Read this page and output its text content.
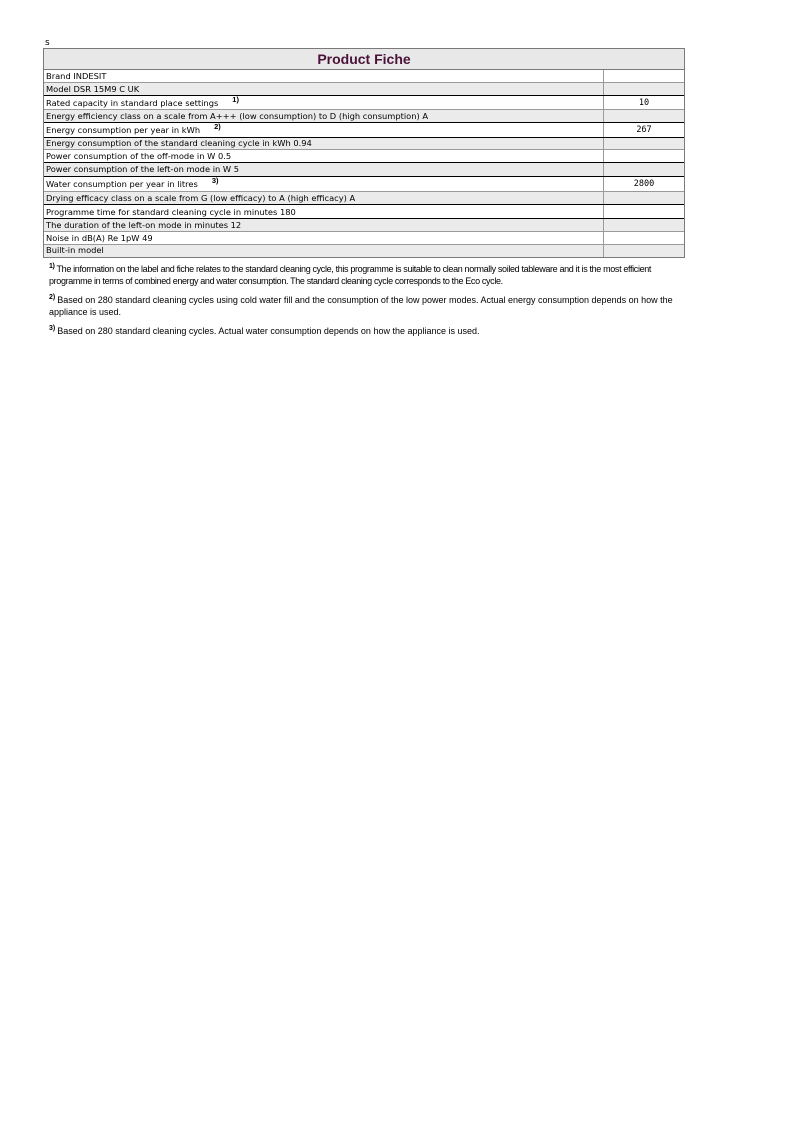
s
Product Fiche
Brand INDESIT
Model DSR 15M9 C UK
Rated capacity in standard place settings 1)	10
Energy efficiency class on a scale from A+++ (low consumption) to D (high consumption) A
Energy consumption per year in kWh 2)	267
Energy consumption of the standard cleaning cycle in kWh 0.94
Power consumption of the off-mode in W 0.5
Power consumption of the left-on mode in W 5
Water consumption per year in litres 3)	2800
Drying efficacy class on a scale from G (low efficacy) to A (high efficacy) A
Programme time for standard cleaning cycle in minutes 180
The duration of the left-on mode in minutes 12
Noise in dB(A) Re 1pW 49
Built-in model

$^{1)}$ The information on the label and fiche relates to the standard cleaning cycle, this programme is suitable to clean normally soiled tableware and it is the most efficient programme in terms of combined energy and water consumption. The standard cleaning cycle corresponds to the Eco cycle.

$^{2)}$ Based on 280 standard cleaning cycles using cold water fill and the consumption of the low power modes. Actual energy consumption depends on how the appliance is used.

$^{3)}$ Based on 280 standard cleaning cycles. Actual water consumption depends on how the appliance is used.
